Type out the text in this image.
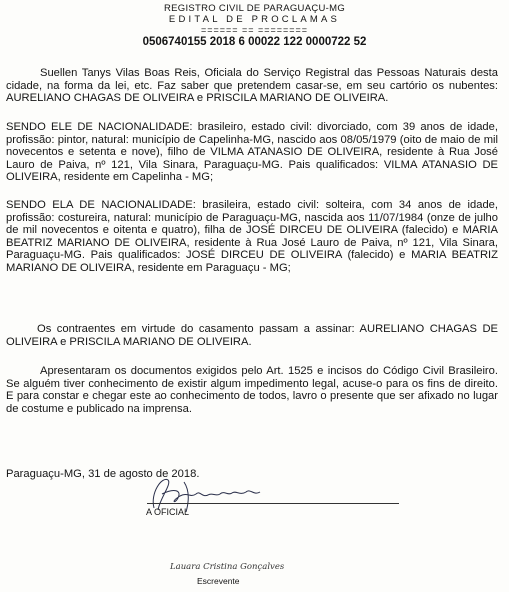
REGISTRO CIVIL DE PARAGUAÇU-MG
EDITAL DE PROCLAMAS
====== == ========
0506740155 2018 6 00022 122 0000722 52

Suellen Tanys Vilas Boas Reis, Oficiala do Serviço Registral das Pessoas Naturais desta cidade, na forma da lei, etc. Faz saber que pretendem casar-se, em seu cartório os nubentes: AURELIANO CHAGAS DE OLIVEIRA e PRISCILA MARIANO DE OLIVEIRA.

SENDO ELE DE NACIONALIDADE: brasileiro, estado civil: divorciado, com 39 anos de idade, profissão: pintor, natural: município de Capelinha-MG, nascido aos 08/05/1979 (oito de maio de mil novecentos e setenta e nove), filho de VILMA ATANASIO DE OLIVEIRA, residente à Rua José Lauro de Paiva, nº 121, Vila Sinara, Paraguaçu-MG. Pais qualificados: VILMA ATANASIO DE OLIVEIRA, residente em Capelinha - MG;

SENDO ELA DE NACIONALIDADE: brasileira, estado civil: solteira, com 34 anos de idade, profissão: costureira, natural: município de Paraguaçu-MG, nascida aos 11/07/1984 (onze de julho de mil novecentos e oitenta e quatro), filha de JOSÉ DIRCEU DE OLIVEIRA (falecido) e MARIA BEATRIZ MARIANO DE OLIVEIRA, residente à Rua José Lauro de Paiva, nº 121, Vila Sinara, Paraguaçu-MG. Pais qualificados: JOSÉ DIRCEU DE OLIVEIRA (falecido) e MARIA BEATRIZ MARIANO DE OLIVEIRA, residente em Paraguaçu - MG;

Os contraentes em virtude do casamento passam a assinar: AURELIANO CHAGAS DE OLIVEIRA e PRISCILA MARIANO DE OLIVEIRA.

Apresentaram os documentos exigidos pelo Art. 1525 e incisos do Código Civil Brasileiro. Se alguém tiver conhecimento de existir algum impedimento legal, acuse-o para os fins de direito. E para constar e chegar este ao conhecimento de todos, lavro o presente que ser afixado no lugar de costume e publicado na imprensa.

Paraguaçu-MG, 31 de agosto de 2018.
A OFICIAL
Lauara Cristina Gonçalves
Escrevente
